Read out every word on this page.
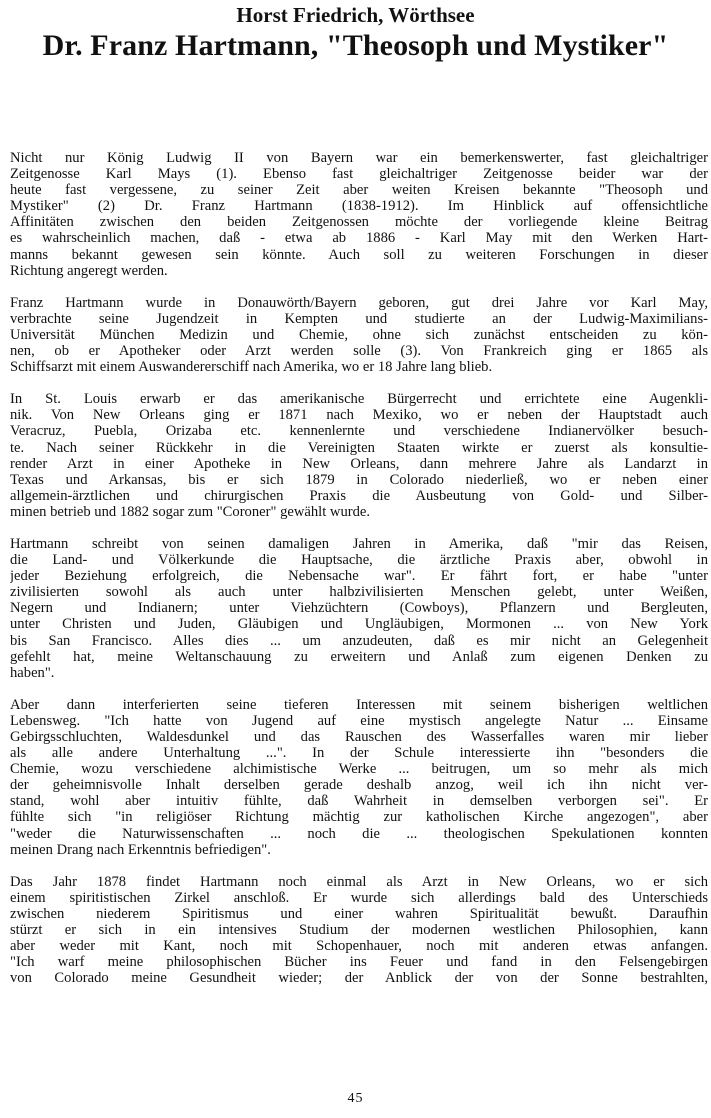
Horst Friedrich, Wörthsee
Dr. Franz Hartmann, "Theosoph und Mystiker"
Nicht nur König Ludwig II von Bayern war ein bemerkenswerter, fast gleichaltriger
Zeitgenosse Karl Mays (1). Ebenso fast gleichaltriger Zeitgenosse beider war der
heute fast vergessene, zu seiner Zeit aber weiten Kreisen bekannte "Theosoph und
Mystiker" (2) Dr. Franz Hartmann (1838-1912). Im Hinblick auf offensichtliche
Affinitäten zwischen den beiden Zeitgenossen möchte der vorliegende kleine Beitrag
es wahrscheinlich machen, daß - etwa ab 1886 - Karl May mit den Werken Hart-
manns bekannt gewesen sein könnte. Auch soll zu weiteren Forschungen in dieser
Richtung angeregt werden.
Franz Hartmann wurde in Donauwörth/Bayern geboren, gut drei Jahre vor Karl May,
verbrachte seine Jugendzeit in Kempten und studierte an der Ludwig-Maximilians-
Universität München Medizin und Chemie, ohne sich zunächst entscheiden zu kön-
nen, ob er Apotheker oder Arzt werden solle (3). Von Frankreich ging er 1865 als
Schiffsarzt mit einem Auswandererschiff nach Amerika, wo er 18 Jahre lang blieb.
In St. Louis erwarb er das amerikanische Bürgerrecht und errichtete eine Augenkli-
nik. Von New Orleans ging er 1871 nach Mexiko, wo er neben der Hauptstadt auch
Veracruz, Puebla, Orizaba etc. kennenlernte und verschiedene Indianervölker besuch-
te. Nach seiner Rückkehr in die Vereinigten Staaten wirkte er zuerst als konsultie-
render Arzt in einer Apotheke in New Orleans, dann mehrere Jahre als Landarzt in
Texas und Arkansas, bis er sich 1879 in Colorado niederließ, wo er neben einer
allgemein-ärztlichen und chirurgischen Praxis die Ausbeutung von Gold- und Silber-
minen betrieb und 1882 sogar zum "Coroner" gewählt wurde.
Hartmann schreibt von seinen damaligen Jahren in Amerika, daß "mir das Reisen,
die Land- und Völkerkunde die Hauptsache, die ärztliche Praxis aber, obwohl in
jeder Beziehung erfolgreich, die Nebensache war". Er fährt fort, er habe "unter
zivilisierten sowohl als auch unter halbzivilisierten Menschen gelebt, unter Weißen,
Negern und Indianern; unter Viehzüchtern (Cowboys), Pflanzern und Bergleuten,
unter Christen und Juden, Gläubigen und Ungläubigen, Mormonen ... von New York
bis San Francisco. Alles dies ... um anzudeuten, daß es mir nicht an Gelegenheit
gefehlt hat, meine Weltanschauung zu erweitern und Anlaß zum eigenen Denken zu
haben".
Aber dann interferierten seine tieferen Interessen mit seinem bisherigen weltlichen
Lebensweg. "Ich hatte von Jugend auf eine mystisch angelegte Natur ... Einsame
Gebirgsschluchten, Waldesdunkel und das Rauschen des Wasserfalles waren mir lieber
als alle andere Unterhaltung ...". In der Schule interessierte ihn "besonders die
Chemie, wozu verschiedene alchimistische Werke ... beitrugen, um so mehr als mich
der geheimnisvolle Inhalt derselben gerade deshalb anzog, weil ich ihn nicht ver-
stand, wohl aber intuitiv fühlte, daß Wahrheit in demselben verborgen sei". Er
fühlte sich "in religiöser Richtung mächtig zur katholischen Kirche angezogen", aber
"weder die Naturwissenschaften ... noch die ... theologischen Spekulationen konnten
meinen Drang nach Erkenntnis befriedigen".
Das Jahr 1878 findet Hartmann noch einmal als Arzt in New Orleans, wo er sich
einem spiritistischen Zirkel anschloß. Er wurde sich allerdings bald des Unterschieds
zwischen niederem Spiritismus und einer wahren Spiritualität bewußt. Daraufhin
stürzt er sich in ein intensives Studium der modernen westlichen Philosophien, kann
aber weder mit Kant, noch mit Schopenhauer, noch mit anderen etwas anfangen.
"Ich warf meine philosophischen Bücher ins Feuer und fand in den Felsengebirgen
von Colorado meine Gesundheit wieder; der Anblick der von der Sonne bestrahlten,
45
